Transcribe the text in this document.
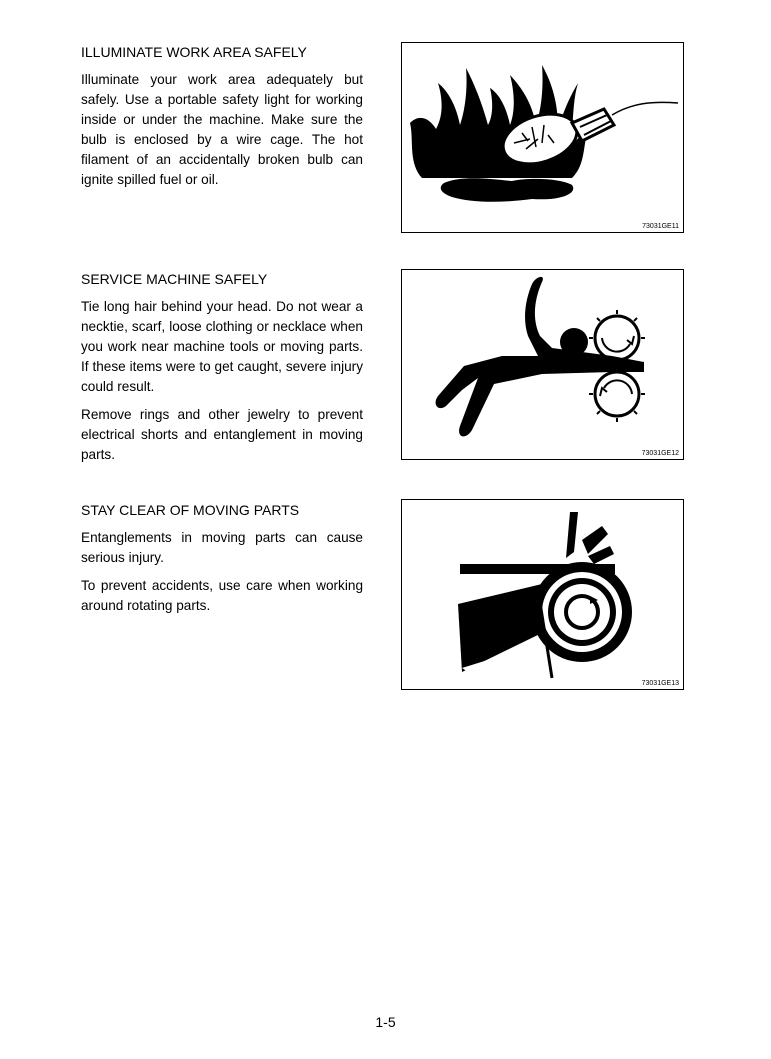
ILLUMINATE WORK AREA SAFELY

Illuminate your work area adequately but safely. Use a portable safety light for working inside or under the machine. Make sure the bulb is enclosed by a wire cage. The hot filament of an accidentally broken bulb can ignite spilled fuel or oil.

73031GE11
SERVICE MACHINE SAFELY

Tie long hair behind your head. Do not wear a necktie, scarf, loose clothing or necklace when you work near machine tools or moving parts. If these items were to get caught, severe injury could result.

Remove rings and other jewelry to prevent electrical shorts and entanglement in moving parts.	73031GE12
STAY CLEAR OF MOVING PARTS

Entanglements in moving parts can cause serious injury.

To prevent accidents, use care when working around rotating parts.

73031GE13
1-5
